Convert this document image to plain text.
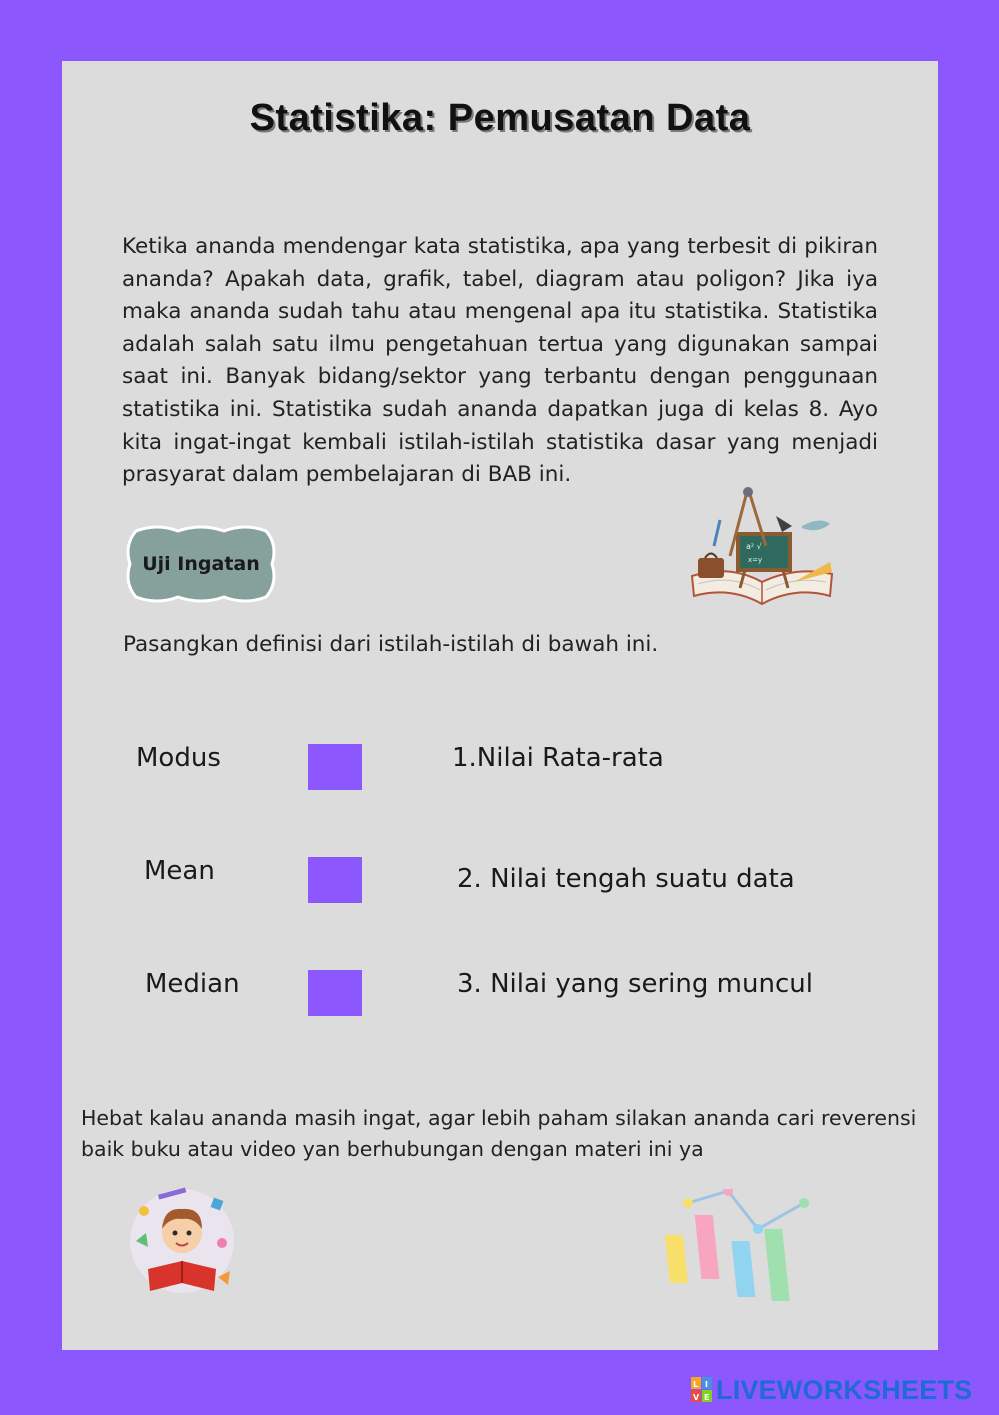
Statistika: Pemusatan Data

Ketika ananda mendengar kata statistika, apa yang terbesit di pikiran ananda? Apakah data, grafik, tabel, diagram atau poligon? Jika iya maka ananda sudah tahu atau mengenal apa itu statistika. Statistika adalah salah satu ilmu pengetahuan tertua yang digunakan sampai saat ini. Banyak bidang/sektor yang terbantu dengan penggunaan statistika ini. Statistika sudah ananda dapatkan juga di kelas 8. Ayo kita ingat-ingat kembali istilah-istilah statistika dasar yang menjadi prasyarat dalam pembelajaran di BAB ini.

Uji Ingatan
a² √
x=y
Pasangkan definisi dari istilah-istilah di bawah ini.
Modus	1.Nilai Rata-rata
Mean	2. Nilai tengah suatu data
Median	3. Nilai yang sering muncul

Hebat kalau ananda masih ingat, agar lebih paham silakan ananda cari reverensi baik buku atau video yan berhubungan dengan materi ini ya

L I
V E LIVEWORKSHEETS
